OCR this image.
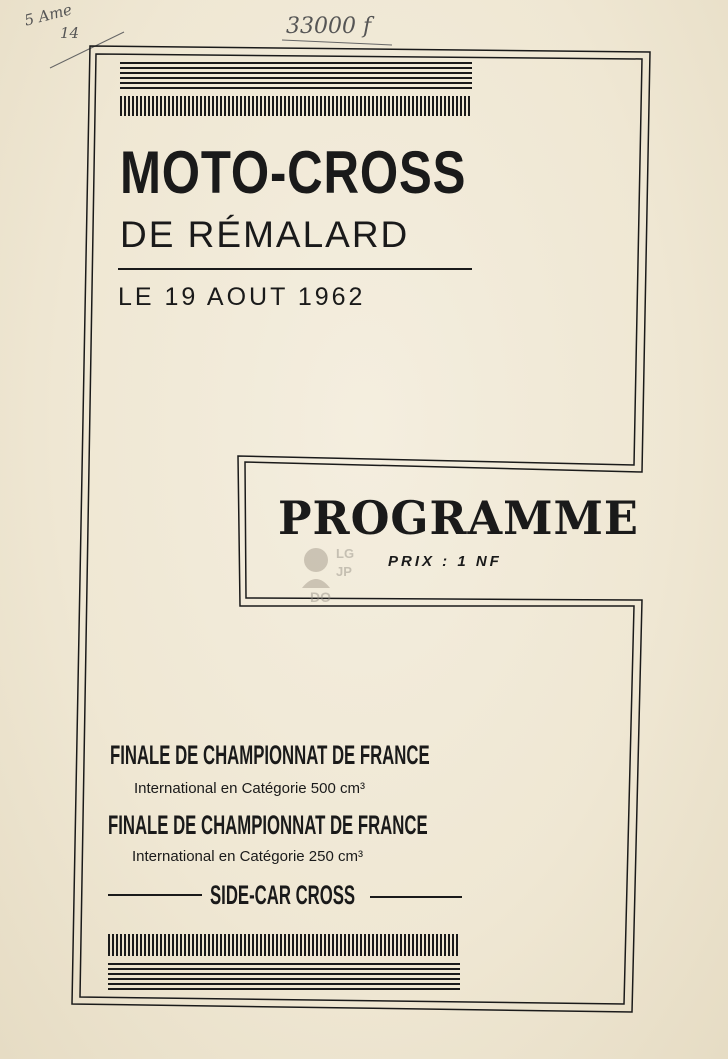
5 Ame
14	33000 f
MOTO-CROSS
DE RÉMALARD
LE 19 AOUT 1962
PROGRAMME
PRIX : 1 NF
LG
JP
DO
FINALE DE CHAMPIONNAT DE FRANCE
International en Catégorie 500 cm³
FINALE DE CHAMPIONNAT DE FRANCE
International en Catégorie 250 cm³
SIDE-CAR CROSS
